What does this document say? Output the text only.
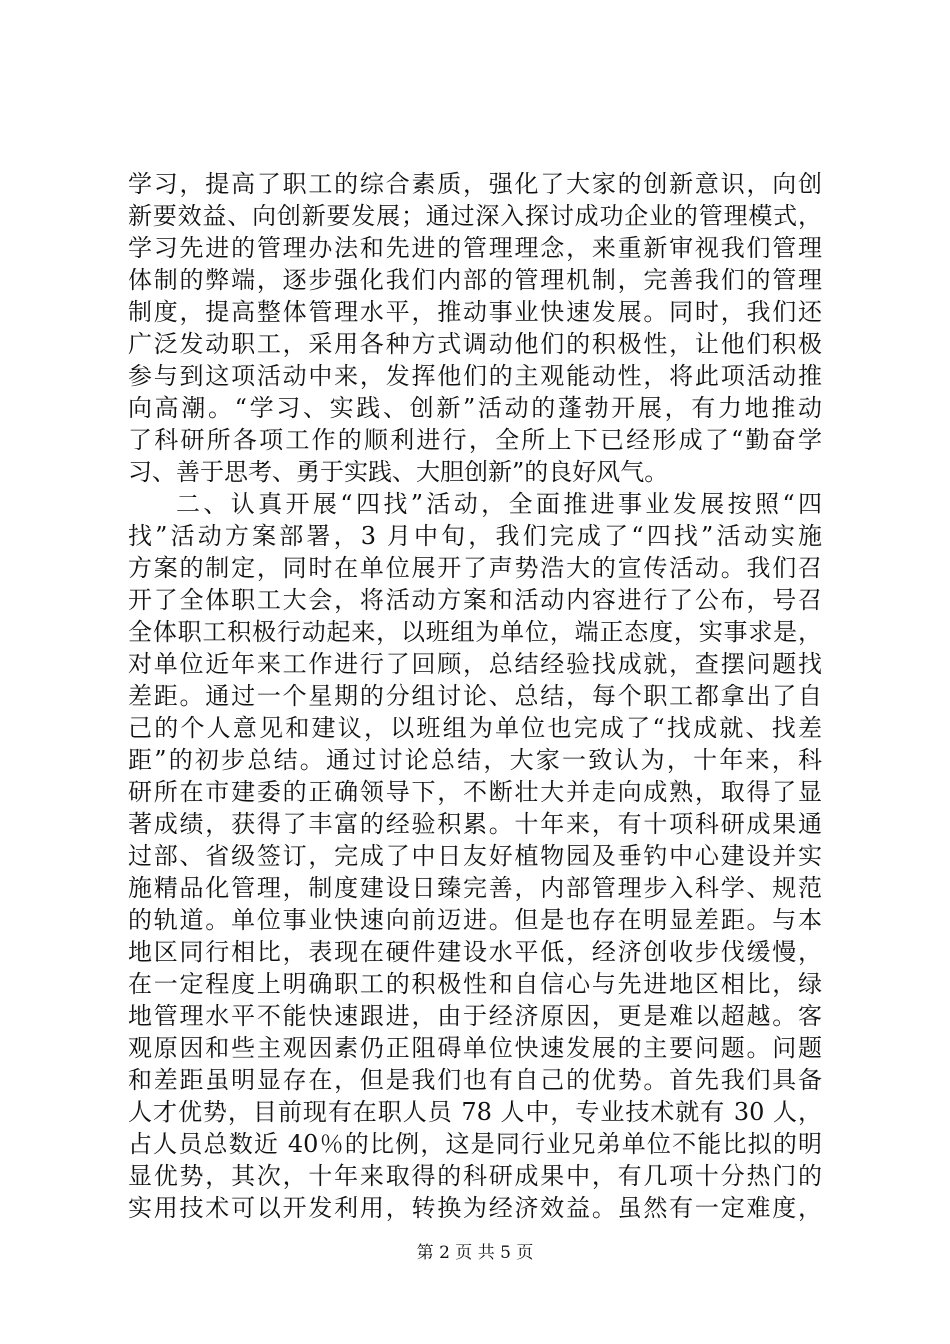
学习，提高了职工的综合素质，强化了大家的创新意识，向创
新要效益、向创新要发展；通过深入探讨成功企业的管理模式，
学习先进的管理办法和先进的管理理念，来重新审视我们管理
体制的弊端，逐步强化我们内部的管理机制，完善我们的管理
制度，提高整体管理水平，推动事业快速发展。同时，我们还
广泛发动职工，采用各种方式调动他们的积极性，让他们积极
参与到这项活动中来，发挥他们的主观能动性，将此项活动推
向高潮。“学习、实践、创新”活动的蓬勃开展，有力地推动
了科研所各项工作的顺利进行，全所上下已经形成了“勤奋学
习、善于思考、勇于实践、大胆创新”的良好风气。
二、认真开展“四找”活动，全面推进事业发展按照“四
找”活动方案部署，3 月中旬，我们完成了“四找”活动实施
方案的制定，同时在单位展开了声势浩大的宣传活动。我们召
开了全体职工大会，将活动方案和活动内容进行了公布，号召
全体职工积极行动起来，以班组为单位，端正态度，实事求是，
对单位近年来工作进行了回顾，总结经验找成就，查摆问题找
差距。通过一个星期的分组讨论、总结，每个职工都拿出了自
己的个人意见和建议，以班组为单位也完成了“找成就、找差
距”的初步总结。通过讨论总结，大家一致认为，十年来，科
研所在市建委的正确领导下，不断壮大并走向成熟，取得了显
著成绩，获得了丰富的经验积累。十年来，有十项科研成果通
过部、省级签订，完成了中日友好植物园及垂钓中心建设并实
施精品化管理，制度建设日臻完善，内部管理步入科学、规范
的轨道。单位事业快速向前迈进。但是也存在明显差距。与本
地区同行相比，表现在硬件建设水平低，经济创收步伐缓慢，
在一定程度上明确职工的积极性和自信心与先进地区相比，绿
地管理水平不能快速跟进，由于经济原因，更是难以超越。客
观原因和些主观因素仍正阻碍单位快速发展的主要问题。问题
和差距虽明显存在，但是我们也有自己的优势。首先我们具备
人才优势，目前现有在职人员 78 人中，专业技术就有 30 人，
占人员总数近 40％的比例，这是同行业兄弟单位不能比拟的明
显优势，其次，十年来取得的科研成果中，有几项十分热门的
实用技术可以开发利用，转换为经济效益。虽然有一定难度，
第 2 页 共 5 页
